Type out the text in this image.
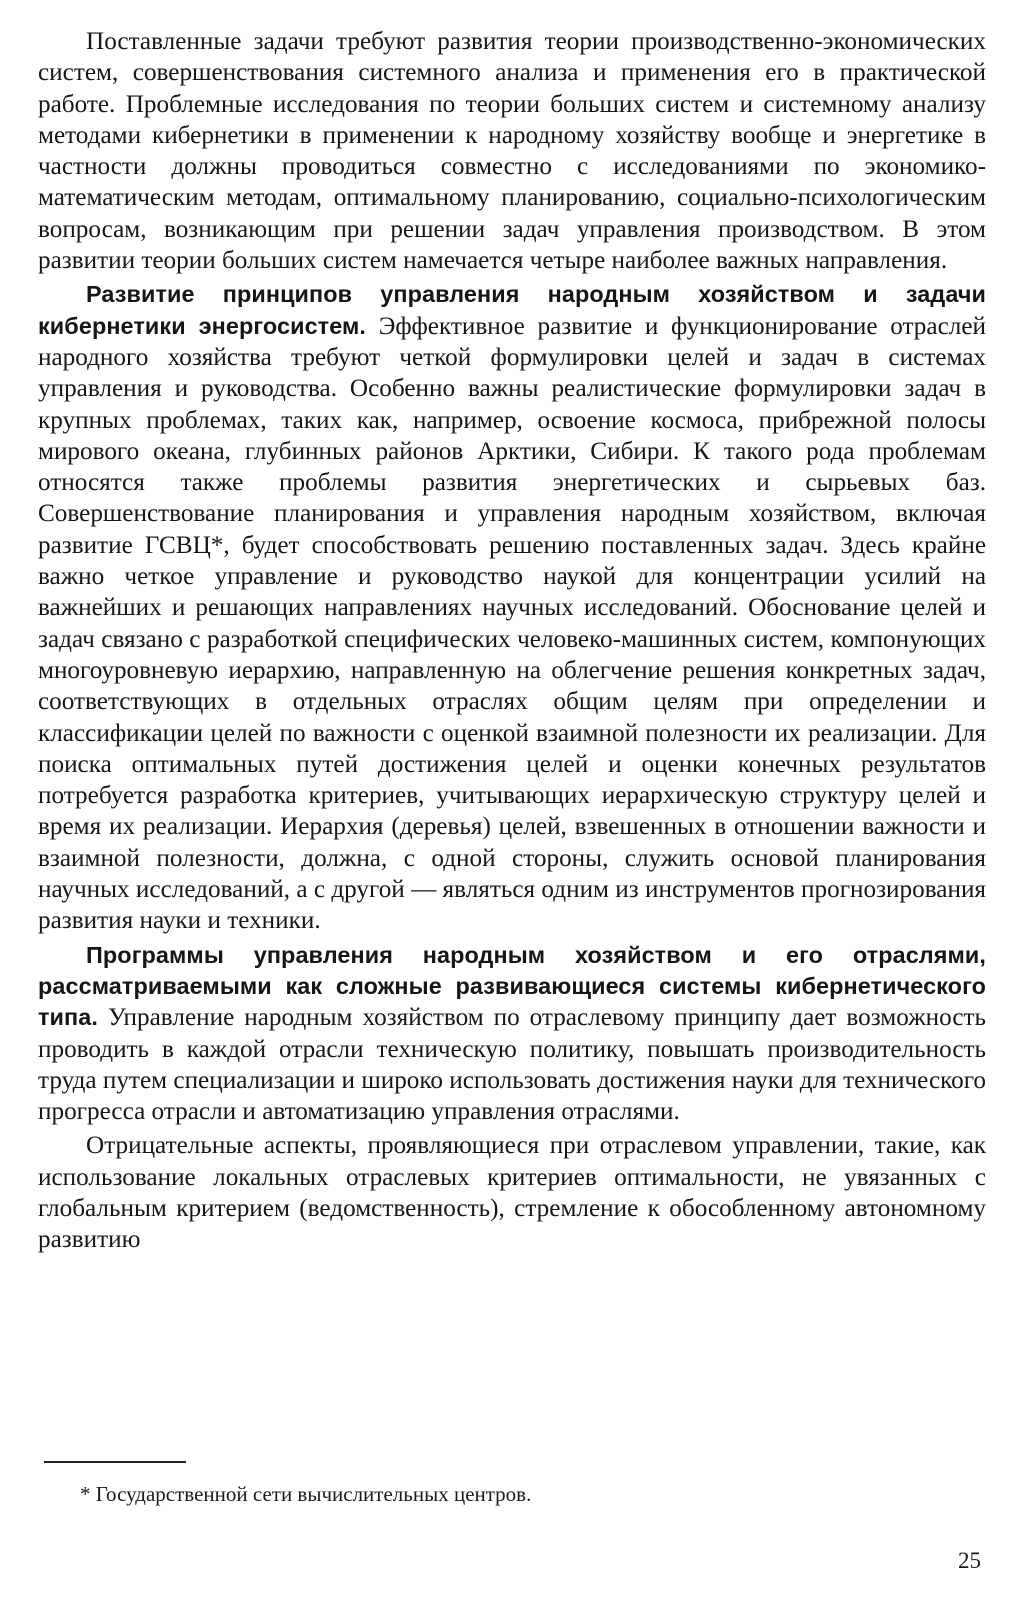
Поставленные задачи требуют развития теории производственно-экономических систем, совершенствования системного анализа и применения его в практической работе. Проблемные исследования по теории больших систем и системному анализу методами кибернетики в применении к народному хозяйству вообще и энергетике в частности должны проводиться совместно с исследованиями по экономико-математическим методам, оптимальному планированию, социально-психологическим вопросам, возникающим при решении задач управления производством. В этом развитии теории больших систем намечается четыре наиболее важных направления.

Развитие принципов управления народным хозяйством и задачи кибернетики энергосистем. Эффективное развитие и функционирование отраслей народного хозяйства требуют четкой формулировки целей и задач в системах управления и руководства. Особенно важны реалистические формулировки задач в крупных проблемах, таких как, например, освоение космоса, прибрежной полосы мирового океана, глубинных районов Арктики, Сибири. К такого рода проблемам относятся также проблемы развития энергетических и сырьевых баз. Совершенствование планирования и управления народным хозяйством, включая развитие ГСВЦ*, будет способствовать решению поставленных задач. Здесь крайне важно четкое управление и руководство наукой для концентрации усилий на важнейших и решающих направлениях научных исследований. Обоснование целей и задач связано с разработкой специфических человеко-машинных систем, компонующих многоуровневую иерархию, направленную на облегчение решения конкретных задач, соответствующих в отдельных отраслях общим целям при определении и классификации целей по важности с оценкой взаимной полезности их реализации. Для поиска оптимальных путей достижения целей и оценки конечных результатов потребуется разработка критериев, учитывающих иерархическую структуру целей и время их реализации. Иерархия (деревья) целей, взвешенных в отношении важности и взаимной полезности, должна, с одной стороны, служить основой планирования научных исследований, а с другой — являться одним из инструментов прогнозирования развития науки и техники.

Программы управления народным хозяйством и его отраслями, рассматриваемыми как сложные развивающиеся системы кибернетического типа. Управление народным хозяйством по отраслевому принципу дает возможность проводить в каждой отрасли техническую политику, повышать производительность труда путем специализации и широко использовать достижения науки для технического прогресса отрасли и автоматизацию управления отраслями.

Отрицательные аспекты, проявляющиеся при отраслевом управлении, такие, как использование локальных отраслевых критериев оптимальности, не увязанных с глобальным критерием (ведомственность), стремление к обособленному автономному развитию

* Государственной сети вычислительных центров.

25
